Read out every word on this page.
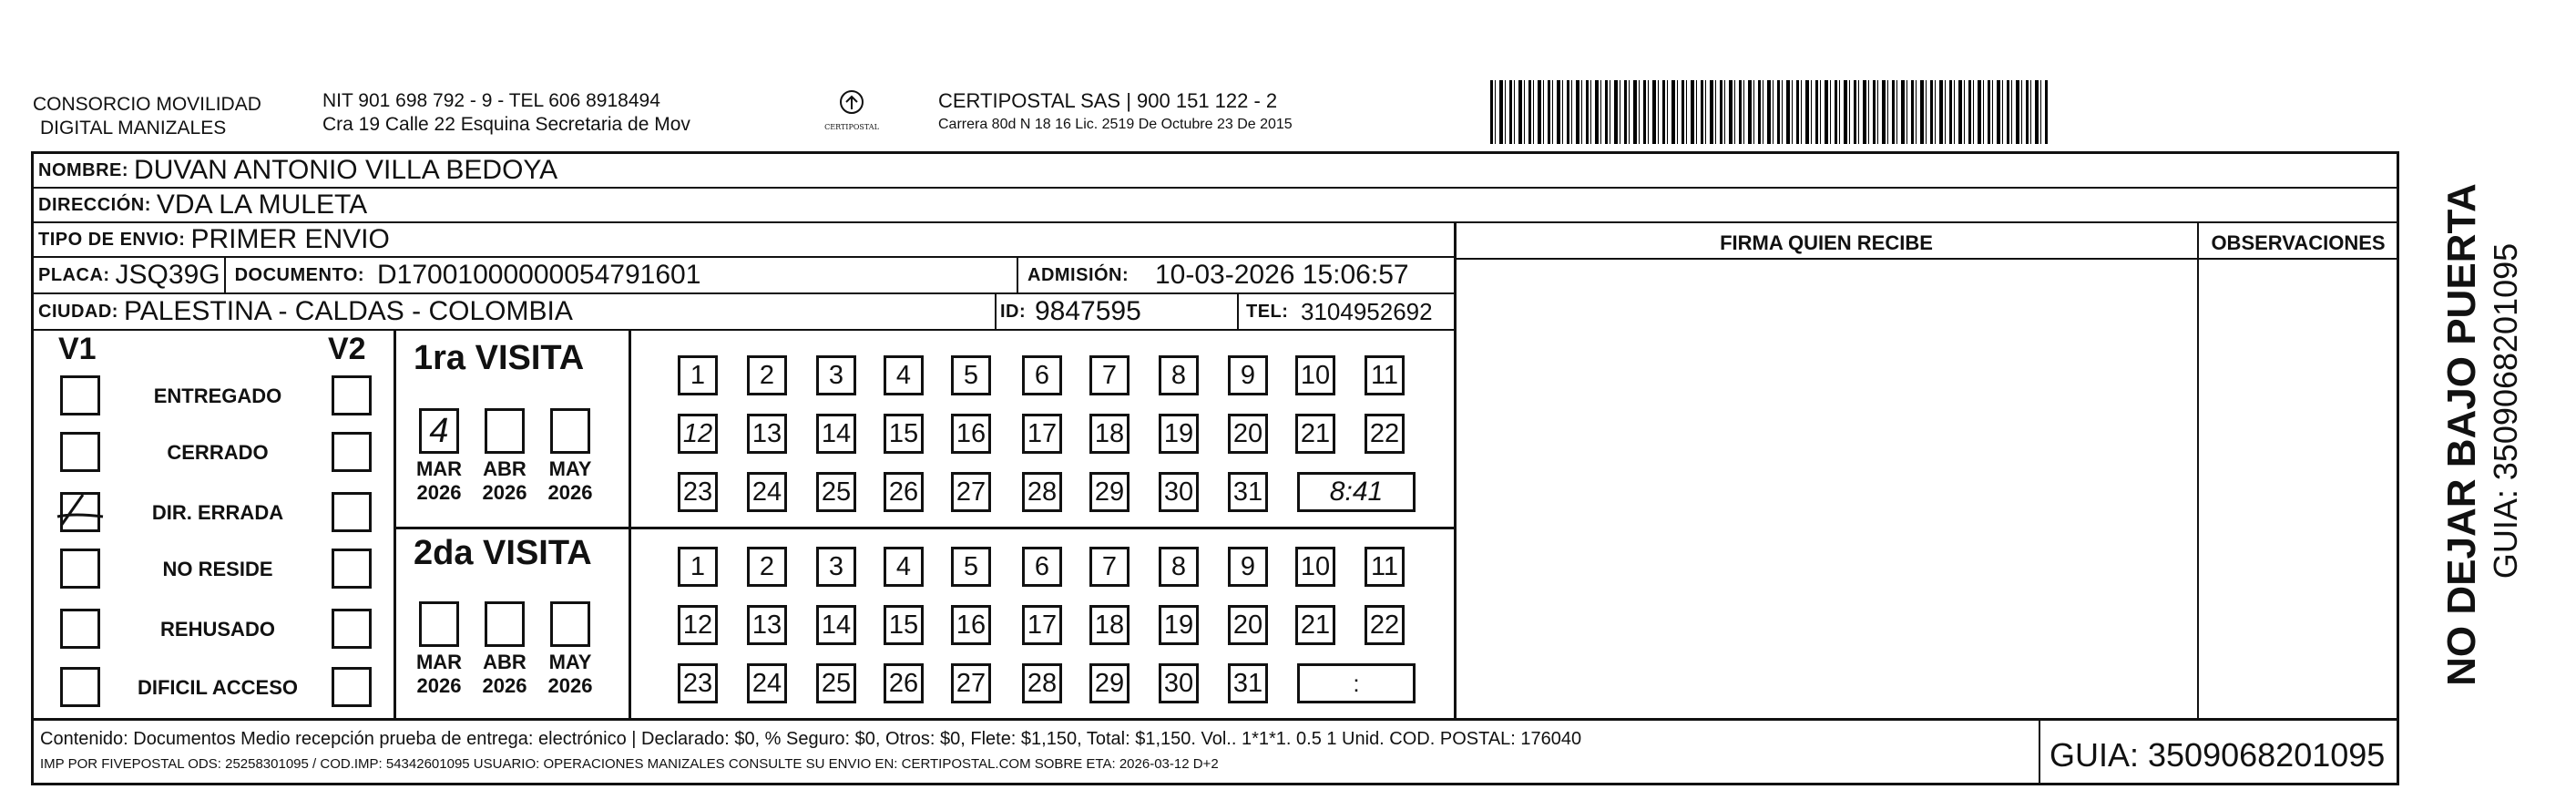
CONSORCIO MOVILIDAD
DIGITAL MANIZALES
NIT 901 698 792 - 9 - TEL 606 8918494
Cra 19 Calle 22 Esquina Secretaria de Mov	CERTIPOSTAL
CERTIPOSTAL SAS | 900 151 122 - 2
Carrera 80d N 18 16 Lic. 2519 De Octubre 23 De 2015
NOMBRE: DUVAN ANTONIO VILLA BEDOYA
DIRECCIÓN: VDA LA MULETA
TIPO DE ENVIO: PRIMER ENVIO
PLACA: JSQ39G DOCUMENTO: D17001000000054791601	ADMISIÓN: 10-03-2026 15:06:57
CIUDAD: PALESTINA - CALDAS - COLOMBIA	ID: 9847595	TEL: 3104952692
FIRMA QUIEN RECIBE	OBSERVACIONES
V1	V2
ENTREGADO
CERRADO
DIR. ERRADA
NO RESIDE
REHUSADO
DIFICIL ACCESO
1ra VISITA
2da VISITA
4
MAR
2026
ABR
2026
MAY
2026
MAR
2026
ABR
2026
MAY
2026
1 2 3 4 5 6 7 8 9 10 11
12 13 14 15 16 17 18 19 20 21 22
23 24 25 26 27 28 29 30 31	8:41
1 2 3 4 5 6 7 8 9 10 11
12 13 14 15 16 17 18 19 20 21 22
23 24 25 26 27 28 29 30 31	:
Contenido: Documentos Medio recepción prueba de entrega: electrónico | Declarado: $0, % Seguro: $0, Otros: $0, Flete: $1,150, Total: $1,150. Vol.. 1*1*1. 0.5 1 Unid. COD. POSTAL: 176040
IMP POR FIVEPOSTAL ODS: 25258301095 / COD.IMP: 54342601095 USUARIO: OPERACIONES MANIZALES CONSULTE SU ENVIO EN: CERTIPOSTAL.COM SOBRE ETA: 2026-03-12 D+2	GUIA: 3509068201095
NO DEJAR BAJO PUERTA GUIA: 3509068201095
